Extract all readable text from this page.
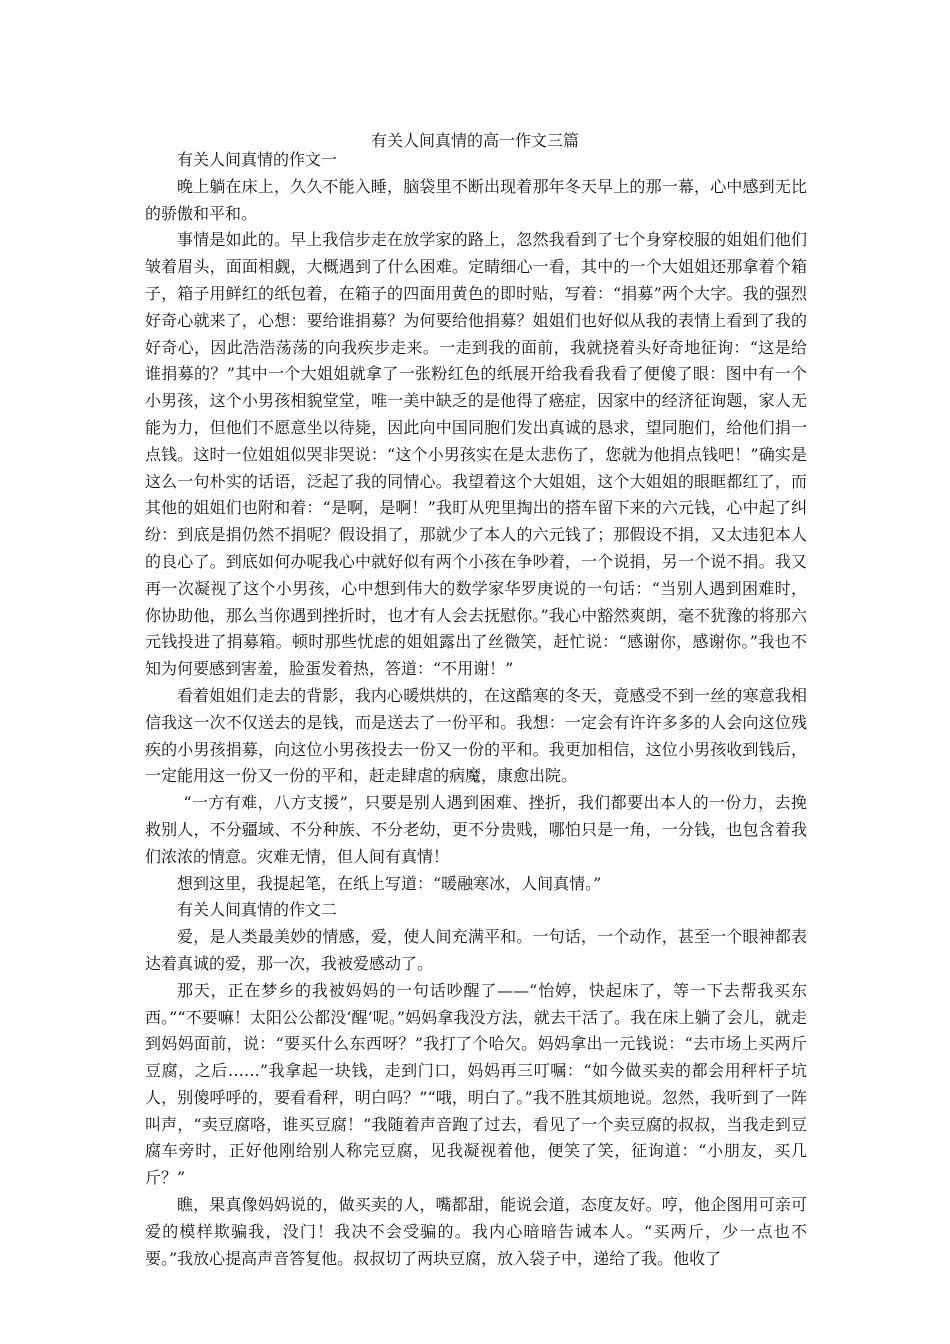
有关人间真情的高一作文三篇

有关人间真情的作文一

晚上躺在床上，久久不能入睡，脑袋里不断出现着那年冬天早上的那一幕，心中感到无比的骄傲和平和。

事情是如此的。早上我信步走在放学家的路上，忽然我看到了七个身穿校服的姐姐们他们皱着眉头，面面相觑，大概遇到了什么困难。定睛细心一看，其中的一个大姐姐还那拿着个箱子，箱子用鲜红的纸包着，在箱子的四面用黄色的即时贴，写着：“捐募”两个大字。我的强烈好奇心就来了，心想：要给谁捐募？为何要给他捐募？姐姐们也好似从我的表情上看到了我的好奇心，因此浩浩荡荡的向我疾步走来。一走到我的面前，我就挠着头好奇地征询：“这是给谁捐募的？”其中一个大姐姐就拿了一张粉红色的纸展开给我看我看了便傻了眼：图中有一个小男孩，这个小男孩相貌堂堂，唯一美中缺乏的是他得了癌症，因家中的经济征询题，家人无能为力，但他们不愿意坐以待毙，因此向中国同胞们发出真诚的恳求，望同胞们，给他们捐一点钱。这时一位姐姐似哭非哭说：“这个小男孩实在是太悲伤了，您就为他捐点钱吧！”确实是这么一句朴实的话语，泛起了我的同情心。我望着这个大姐姐，这个大姐姐的眼眶都红了，而其他的姐姐们也附和着：“是啊，是啊！”我盯从兜里掏出的搭车留下来的六元钱，心中起了纠纷：到底是捐仍然不捐呢？假设捐了，那就少了本人的六元钱了；那假设不捐，又太违犯本人的良心了。到底如何办呢我心中就好似有两个小孩在争吵着，一个说捐，另一个说不捐。我又再一次凝视了这个小男孩，心中想到伟大的数学家华罗庚说的一句话：“当别人遇到困难时，你协助他，那么当你遇到挫折时，也才有人会去抚慰你。”我心中豁然爽朗，毫不犹豫的将那六元钱投进了捐募箱。顿时那些忧虑的姐姐露出了丝微笑，赶忙说：“感谢你，感谢你。”我也不知为何要感到害羞，脸蛋发着热，答道：“不用谢！”

看着姐姐们走去的背影，我内心暖烘烘的，在这酷寒的冬天，竟感受不到一丝的寒意我相信我这一次不仅送去的是钱，而是送去了一份平和。我想：一定会有许许多多的人会向这位残疾的小男孩捐募，向这位小男孩投去一份又一份的平和。我更加相信，这位小男孩收到钱后，一定能用这一份又一份的平和，赶走肆虐的病魔，康愈出院。

“一方有难，八方支援”，只要是别人遇到困难、挫折，我们都要出本人的一份力，去挽救别人，不分疆域、不分种族、不分老幼，更不分贵贱，哪怕只是一角，一分钱，也包含着我们浓浓的情意。灾难无情，但人间有真情！

想到这里，我提起笔，在纸上写道：“暖融寒冰，人间真情。”

有关人间真情的作文二

爱，是人类最美妙的情感，爱，使人间充满平和。一句话，一个动作，甚至一个眼神都表达着真诚的爱，那一次，我被爱感动了。

那天，正在梦乡的我被妈妈的一句话吵醒了——“怡婷，快起床了，等一下去帮我买东西。”“不要嘛！太阳公公都没‘醒’呢。”妈妈拿我没方法，就去干活了。我在床上躺了会儿，就走到妈妈面前，说：“要买什么东西呀？”我打了个哈欠。妈妈拿出一元钱说：“去市场上买两斤豆腐，之后……”我拿起一块钱，走到门口，妈妈再三叮嘱：“如今做买卖的都会用秤杆子坑人，别傻呼呼的，要看看秤，明白吗？”“哦，明白了。”我不胜其烦地说。忽然，我听到了一阵叫声，“卖豆腐咯，谁买豆腐！”我随着声音跑了过去，看见了一个卖豆腐的叔叔，当我走到豆腐车旁时，正好他刚给别人称完豆腐，见我凝视着他，便笑了笑，征询道：“小朋友，买几斤？”

瞧，果真像妈妈说的，做买卖的人，嘴都甜，能说会道，态度友好。哼，他企图用可亲可爱的模样欺骗我，没门！我决不会受骗的。我内心暗暗告诫本人。“买两斤，少一点也不要。”我放心提高声音答复他。叔叔切了两块豆腐，放入袋子中，递给了我。他收了
